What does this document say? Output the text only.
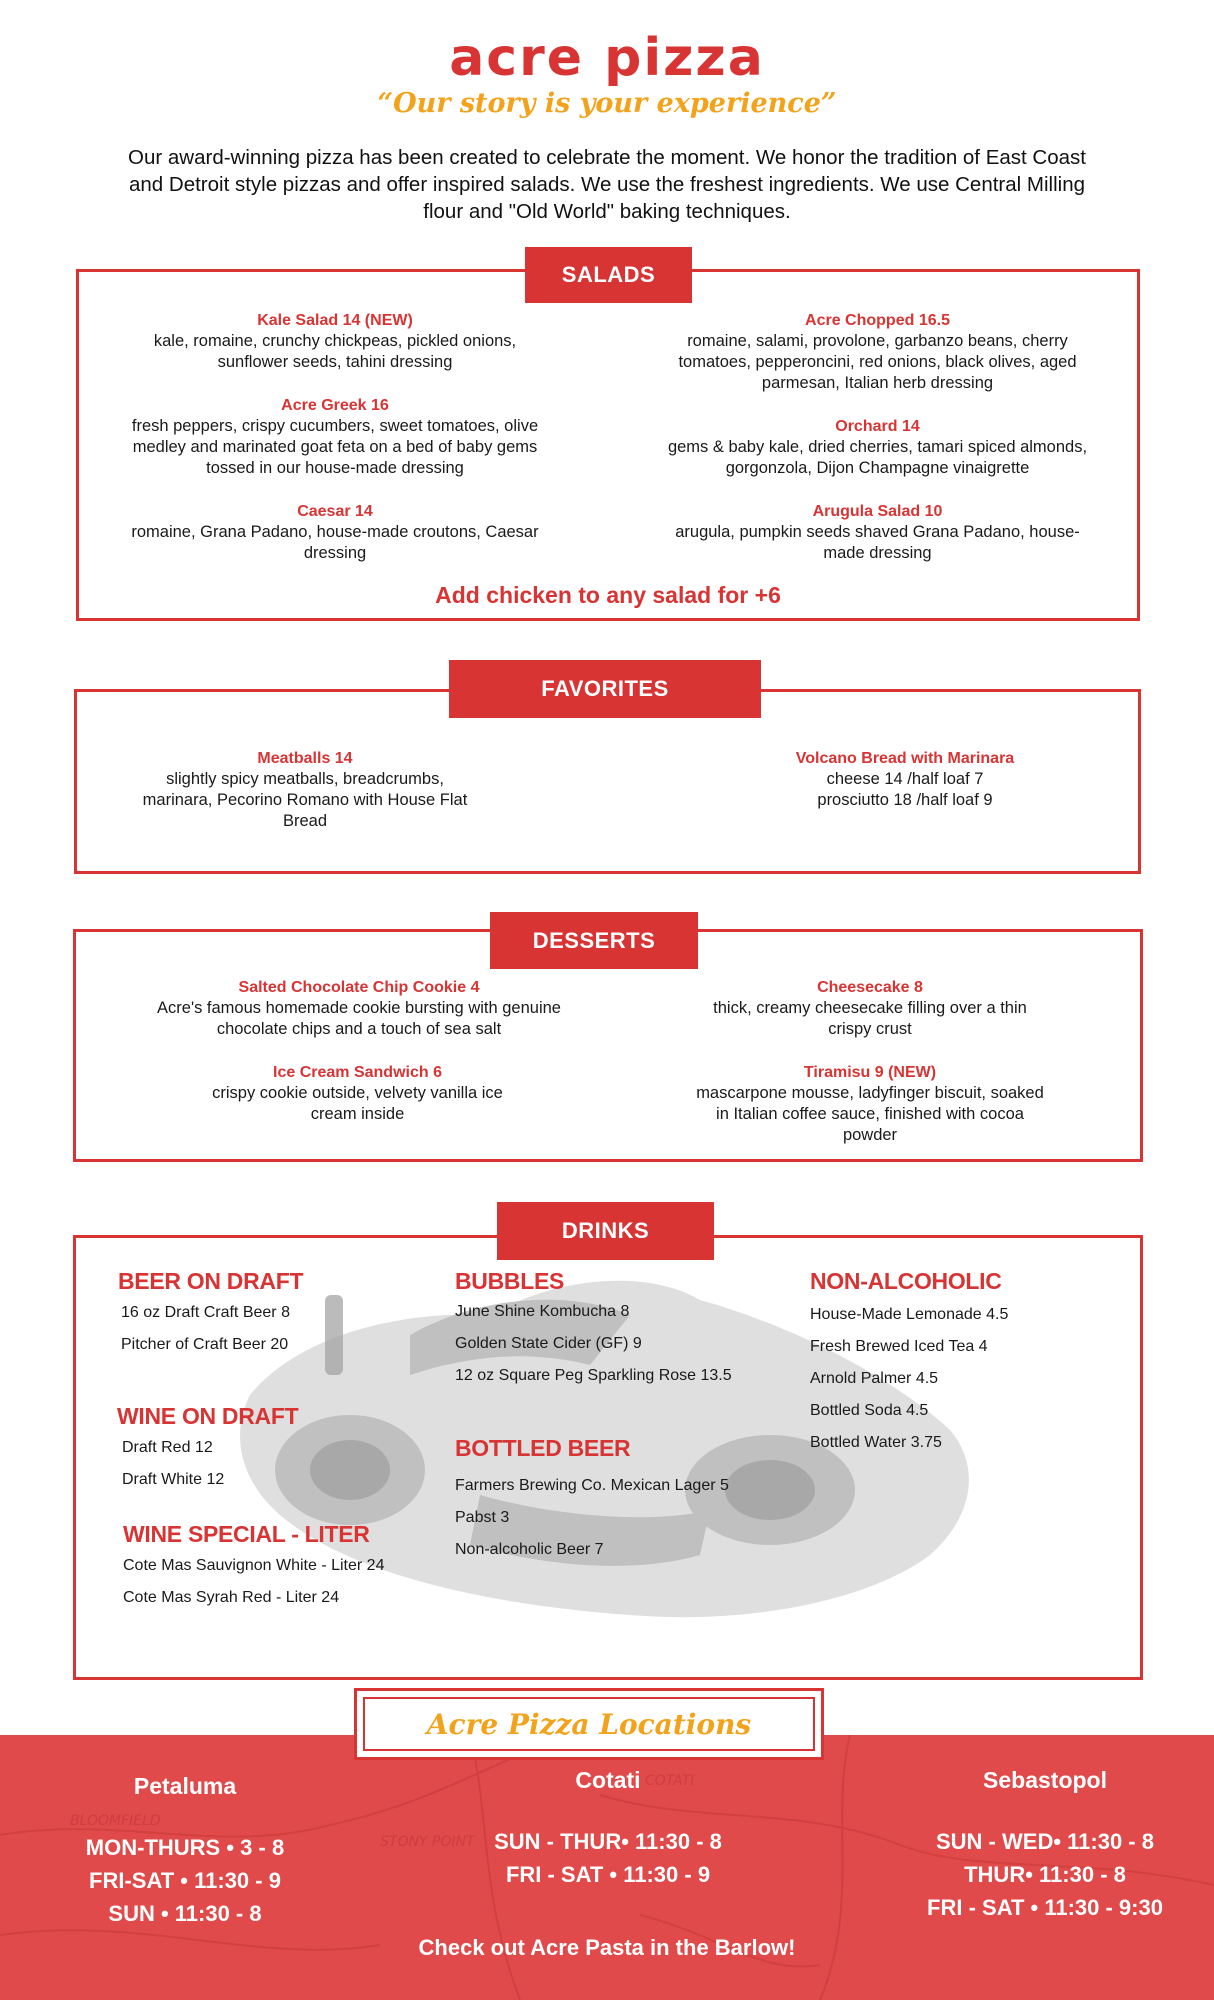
acre pizza
“Our story is your experience”
Our award-winning pizza has been created to celebrate the moment. We honor the tradition of East Coast and Detroit style pizzas and offer inspired salads. We use the freshest ingredients. We use Central Milling flour and "Old World" baking techniques.
SALADS
Kale Salad 14 (NEW)
kale, romaine, crunchy chickpeas, pickled onions, sunflower seeds, tahini dressing
Acre Chopped 16.5
romaine, salami, provolone, garbanzo beans, cherry tomatoes, pepperoncini, red onions, black olives, aged parmesan, Italian herb dressing
Acre Greek 16
fresh peppers, crispy cucumbers, sweet tomatoes, olive medley and marinated goat feta on a bed of baby gems tossed in our house-made dressing
Orchard 14
gems & baby kale, dried cherries, tamari spiced almonds, gorgonzola, Dijon Champagne vinaigrette
Caesar 14
romaine, Grana Padano, house-made croutons, Caesar dressing
Arugula Salad 10
arugula, pumpkin seeds shaved Grana Padano, house-made dressing
Add chicken to any salad for +6
FAVORITES
Meatballs 14
slightly spicy meatballs, breadcrumbs, marinara, Pecorino Romano with House Flat Bread
Volcano Bread with Marinara
cheese 14 /half loaf 7
prosciutto 18 /half loaf 9
DESSERTS
Salted Chocolate Chip Cookie 4
Acre's famous homemade cookie bursting with genuine chocolate chips and a touch of sea salt
Cheesecake 8
thick, creamy cheesecake filling over a thin crispy crust
Ice Cream Sandwich 6
crispy cookie outside, velvety vanilla ice cream inside
Tiramisu 9 (NEW)
mascarpone mousse, ladyfinger biscuit, soaked in Italian coffee sauce, finished with cocoa powder
DRINKS
BEER ON DRAFT
16 oz Draft Craft Beer 8
Pitcher of Craft Beer 20
WINE ON DRAFT
Draft Red 12
Draft White 12
WINE SPECIAL - LITER
Cote Mas Sauvignon White - Liter 24
Cote Mas Syrah Red - Liter 24
BUBBLES
June Shine Kombucha 8
Golden State Cider (GF) 9
12 oz Square Peg Sparkling Rose 13.5
BOTTLED BEER
Farmers Brewing Co. Mexican Lager 5
Pabst 3
Non-alcoholic Beer 7
NON-ALCOHOLIC
House-Made Lemonade 4.5
Fresh Brewed Iced Tea 4
Arnold Palmer 4.5
Bottled Soda 4.5
Bottled Water 3.75
BLOOMFIELD
STONY POINT
COTATI
Petaluma
MON-THURS • 3 - 8
FRI-SAT • 11:30 - 9
SUN • 11:30 - 8
Cotati
SUN - THUR• 11:30 - 8
FRI - SAT • 11:30 - 9
Sebastopol
SUN - WED• 11:30 - 8
THUR• 11:30 - 8
FRI - SAT • 11:30 - 9:30
Check out Acre Pasta in the Barlow!
Acre Pizza Locations
